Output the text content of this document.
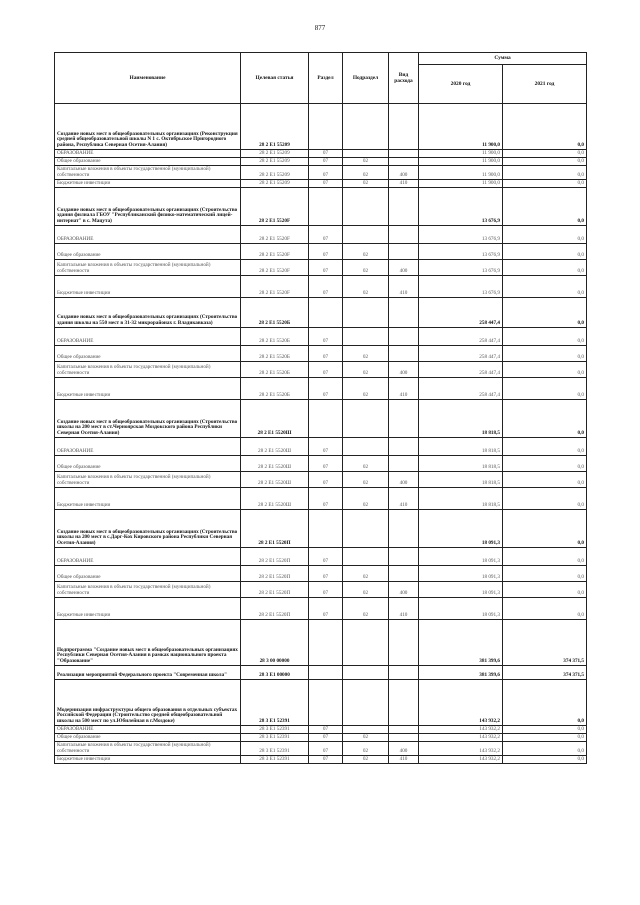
877
Наименование	Целевая статья	Раздел	Подраздел	Вид расхода	Сумма	
					2020 год	2021 год
Создание новых мест в общеобразовательных организациях (Реконструкция средней общеобразовательной школы N 1 с. Октябрьское Пригородного района, Республика Северная Осетия-Алания)	28 2 E1 55209				11 900,0	0,0
ОБРАЗОВАНИЕ	28 2 E1 55209	07			11 900,0	0,0
Общее образование	28 2 E1 55209	07	02		11 900,0	0,0
Капитальные вложения в объекты государственной (муниципальной) собственности	28 2 E1 55209	07	02	400	11 900,0	0,0
Бюджетные инвестиции	28 2 E1 55209	07	02	410	11 900,0	0,0
Создание новых мест в общеобразовательных организациях (Строительство здания филиала ГБОУ "Республиканский физико-математический лицей-интернат" в с. Мацута)	28 2 E1 5520F				13 676,9	0,0
ОБРАЗОВАНИЕ	28 2 E1 5520F	07			13 676,9	0,0
Общее образование	28 2 E1 5520F	07	02		13 676,9	0,0
Капитальные вложения в объекты государственной (муниципальной) собственности	28 2 E1 5520F	07	02	400	13 676,9	0,0
Бюджетные инвестиции	28 2 E1 5520F	07	02	410	13 676,9	0,0
Создание новых мест в общеобразовательных организациях (Строительство здания школы на 550 мест в 31-32 микрорайонах г. Владикавказа)	28 2 E1 5520Б				258 447,4	0,0
ОБРАЗОВАНИЕ	28 2 E1 5520Б	07			258 447,4	0,0
Общее образование	28 2 E1 5520Б	07	02		258 447,4	0,0
Капитальные вложения в объекты государственной (муниципальной) собственности	28 2 E1 5520Б	07	02	400	258 447,4	0,0
Бюджетные инвестиции	28 2 E1 5520Б	07	02	410	258 447,4	0,0
Создание новых мест в общеобразовательных организациях (Строительство школы на 200 мест в ст.Черноярская Моздокского района Республики Северная Осетия-Алания)	28 2 E1 5520Ш				18 818,5	0,0
ОБРАЗОВАНИЕ	28 2 E1 5520Ш	07			18 818,5	0,0
Общее образование	28 2 E1 5520Ш	07	02		18 818,5	0,0
Капитальные вложения в объекты государственной (муниципальной) собственности	28 2 E1 5520Ш	07	02	400	18 818,5	0,0
Бюджетные инвестиции	28 2 E1 5520Ш	07	02	410	18 818,5	0,0
Создание новых мест в общеобразовательных организациях (Строительство школы на 200 мест в с.Дарг-Кох Кировского района Республики Северная Осетия-Алания)	28 2 E1 5520П				18 091,3	0,0
ОБРАЗОВАНИЕ	28 2 E1 5520П	07			18 091,3	0,0
Общее образование	28 2 E1 5520П	07	02		18 091,3	0,0
Капитальные вложения в объекты государственной (муниципальной) собственности	28 2 E1 5520П	07	02	400	18 091,3	0,0
Бюджетные инвестиции	28 2 E1 5520П	07	02	410	18 091,3	0,0
Подпрограмма "Создание новых мест в общеобразовательных организациях Республики Северная Осетия-Алания в рамках национального проекта "Образование"	28 3 00 00000				381 399,6	374 371,5
Реализация мероприятий Федерального проекта "Современная школа"	28 3 E1 00000				381 399,6	374 371,5
Модернизация инфраструктуры общего образования в отдельных субъектах Российской Федерации (Строительство средней общеобразовательной школы на 500 мест по ул.Юбилейная в г.Моздоке)	28 3 E1 52391				143 932,2	0,0
ОБРАЗОВАНИЕ	28 3 E1 52391	07			143 932,2	0,0
Общее образование	28 3 E1 52391	07	02		143 932,2	0,0
Капитальные вложения в объекты государственной (муниципальной) собственности	28 3 E1 52391	07	02	400	143 932,2	0,0
Бюджетные инвестиции	28 3 E1 52391	07	02	410	143 932,2	0,0
